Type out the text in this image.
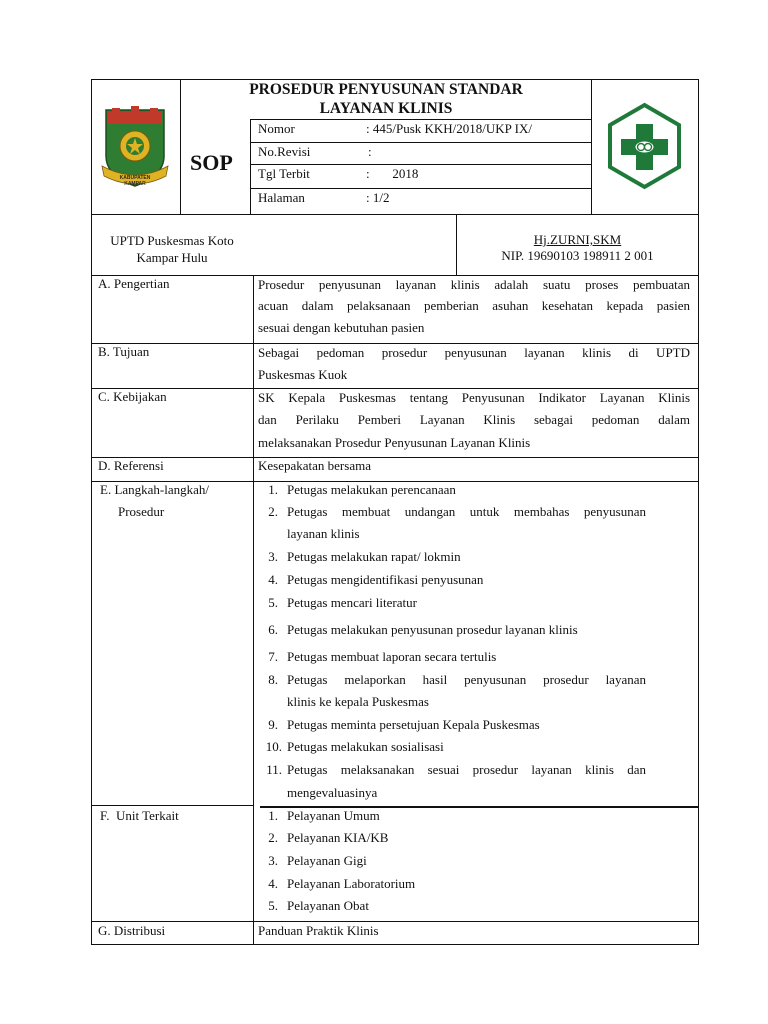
KABUPATEN KAMPAR
PROSEDUR PENYUSUNAN STANDAR
LAYANAN KLINIS
SOP
Nomor	: 445/Pusk KKH/2018/UKP IX/
No.Revisi	:
Tgl Terbit	:       2018
Halaman	: 1/2
UPTD Puskesmas Koto
Kampar Hulu
Hj.ZURNI,SKM
NIP. 19690103 198911 2 001
A. Pengertian	Prosedur penyusunan layanan klinis adalah suatu proses pembuatan
acuan dalam pelaksanaan pemberian asuhan kesehatan kepada pasien
sesuai dengan kebutuhan pasien
B. Tujuan	Sebagai pedoman prosedur penyusunan layanan klinis di UPTD
Puskesmas Kuok
C. Kebijakan	SK Kepala Puskesmas tentang Penyusunan Indikator Layanan Klinis
dan Perilaku Pemberi Layanan Klinis sebagai pedoman dalam
melaksanakan Prosedur Penyusunan Layanan Klinis
D. Referensi	Kesepakatan bersama
E. Langkah-langkah/
Prosedur
1. Petugas melakukan perencanaan
2. Petugas membuat undangan untuk membahas penyusunan
layanan klinis
3. Petugas melakukan rapat/ lokmin
4. Petugas mengidentifikasi penyusunan
5. Petugas mencari literatur
6. Petugas melakukan penyusunan prosedur layanan klinis
7. Petugas membuat laporan secara tertulis
8. Petugas melaporkan hasil penyusunan prosedur layanan
klinis ke kepala Puskesmas
9. Petugas meminta persetujuan Kepala Puskesmas
10. Petugas melakukan sosialisasi
11. Petugas melaksanakan sesuai prosedur layanan klinis dan
mengevaluasinya
F.  Unit Terkait	1. Pelayanan Umum
2. Pelayanan KIA/KB
3. Pelayanan Gigi
4. Pelayanan Laboratorium
5. Pelayanan Obat
G. Distribusi	Panduan Praktik Klinis
